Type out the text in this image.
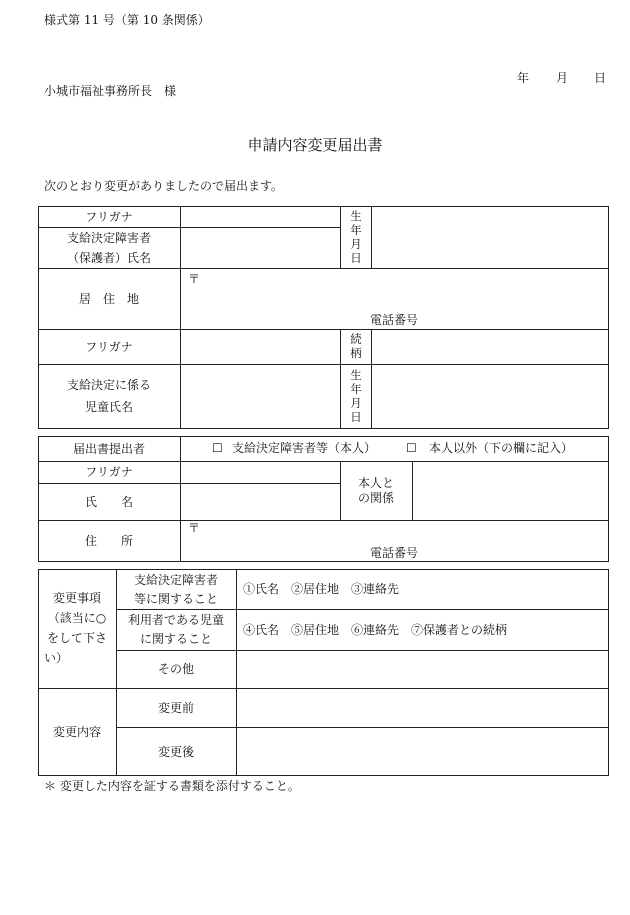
様式第 11 号（第 10 条関係）
年 月 日
小城市福祉事務所長　様
申請内容変更届出書
次のとおり変更がありましたので届出ます。
フリガナ
支給決定障害者
（保護者）氏名
生年月日
居　住　地
〒
電話番号
フリガナ
続柄
支給決定に係る
児童氏名
生年月日
届出書提出者	☐ 支給決定障害者等（本人） ☐ 本人以外（下の欄に記入）
フリガナ
氏　　名
本人と
の関係
住　　所
〒
電話番号
変更事項
（該当に○
をして下さ
い）
支給決定障害者
等に関すること
①氏名　②居住地　③連絡先
利用者である児童
に関すること
④氏名　⑤居住地　⑥連絡先　⑦保護者との続柄
その他
変更内容
変更前
変更後
＊ 変更した内容を証する書類を添付すること。
